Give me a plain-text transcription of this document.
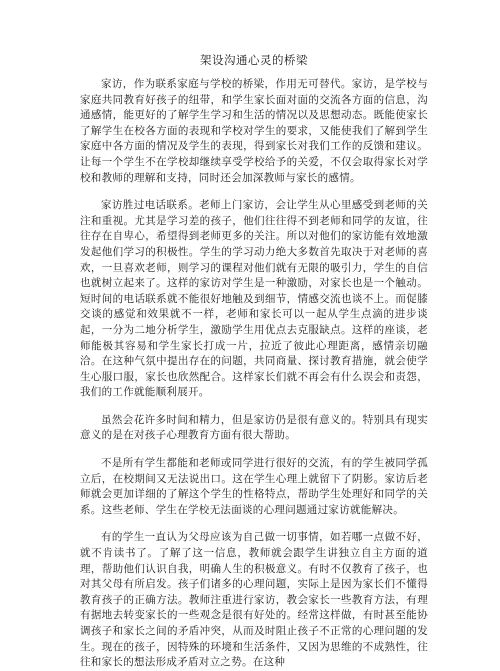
架设沟通心灵的桥梁

家访，作为联系家庭与学校的桥梁，作用无可替代。家访，是学校与家庭共同教育好孩子的纽带，和学生家长面对面的交流各方面的信息，沟通感情，能更好的了解学生学习和生活的情况以及思想动态。既能使家长了解学生在校各方面的表现和学校对学生的要求，又能使我们了解到学生家庭中各方面的情况及学生的表现，得到家长对我们工作的反馈和建议。让每一个学生不在学校却继续享受学校给予的关爱，不仅会取得家长对学校和教师的理解和支持，同时还会加深教师与家长的感情。

家访胜过电话联系。老师上门家访，会让学生从心里感受到老师的关注和重视。尤其是学习差的孩子，他们往往得不到老师和同学的友谊，往往存在自卑心，希望得到老师更多的关注。所以对他们的家访能有效地激发起他们学习的积极性。学生的学习动力绝大多数首先取决于对老师的喜欢，一旦喜欢老师，则学习的课程对他们就有无限的吸引力，学生的自信也就树立起来了。这样的家访对学生是一种激励，对家长也是一个触动。短时间的电话联系就不能很好地触及到细节，情感交流也谈不上。而促膝交谈的感觉和效果就不一样，老师和家长可以一起从学生点滴的进步谈起，一分为二地分析学生，激励学生用优点去克服缺点。这样的座谈，老师能极其容易和学生家长打成一片，拉近了彼此心理距离，感情亲切融洽。在这种气氛中提出存在的问题，共同商量、探讨教育措施，就会使学生心服口服，家长也欣然配合。这样家长们就不再会有什么误会和责怨，我们的工作就能顺利展开。

虽然会花许多时间和精力，但是家访仍是很有意义的。特别具有现实意义的是在对孩子心理教育方面有很大帮助。

不是所有学生都能和老师或同学进行很好的交流，有的学生被同学孤立后，在校期间又无法说出口。这在学生心理上就留下了阴影。家访后老师就会更加详细的了解这个学生的性格特点，帮助学生处理好和同学的关系。这些老师、学生在学校无法面谈的心理问题通过家访就能解决。

有的学生一直认为父母应该为自己做一切事情，如若哪一点做不好，就不肯读书了。了解了这一信息，教师就会跟学生讲独立自主方面的道理，帮助他们认识自我，明确人生的积极意义。有时不仅教育了孩子，也对其父母有所启发。孩子们诸多的心理问题，实际上是因为家长们不懂得教育孩子的正确方法。教师注重进行家访，教会家长一些教育方法，有理有据地去转变家长的一些观念是很有好处的。经常这样做，有时甚至能协调孩子和家长之间的矛盾冲突，从而及时阻止孩子不正常的心理问题的发生。现在的孩子，因特殊的环境和生活条件，又因为思维的不成熟性，往往和家长的想法形成矛盾对立之势。在这种
